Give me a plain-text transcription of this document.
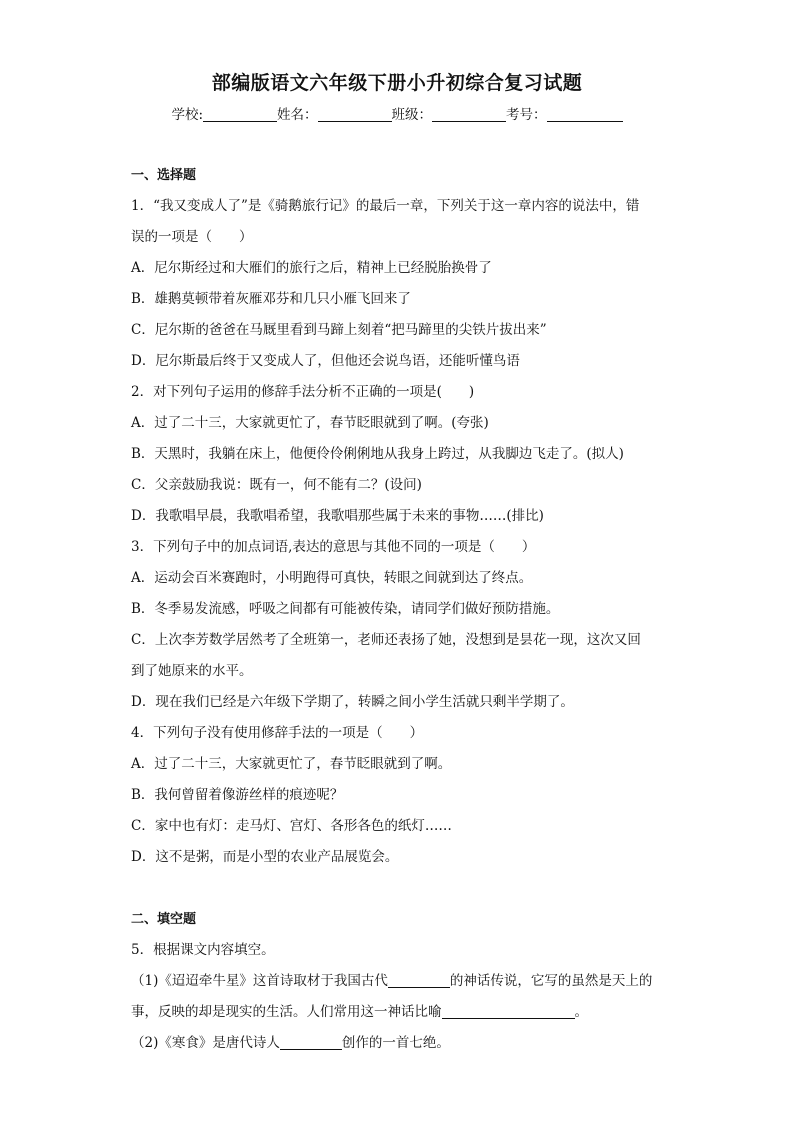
部编版语文六年级下册小升初综合复习试题
学校:	姓名：	班级：	考号：
一、选择题
1．“我又变成人了”是《骑鹅旅行记》的最后一章，下列关于这一章内容的说法中，错
误的一项是（　　）
A．尼尔斯经过和大雁们的旅行之后，精神上已经脱胎换骨了
B．雄鹅莫顿带着灰雁邓芬和几只小雁飞回来了
C．尼尔斯的爸爸在马厩里看到马蹄上刻着“把马蹄里的尖铁片拔出来”
D．尼尔斯最后终于又变成人了，但他还会说鸟语，还能听懂鸟语
2．对下列句子运用的修辞手法分析不正确的一项是(　　)
A．过了二十三，大家就更忙了，春节眨眼就到了啊。(夸张)
B．天黑时，我躺在床上，他便伶伶俐俐地从我身上跨过，从我脚边飞走了。(拟人)
C．父亲鼓励我说：既有一，何不能有二？(设问)
D．我歌唱早晨，我歌唱希望，我歌唱那些属于未来的事物……(排比)
3．下列句子中的加点词语,表达的意思与其他不同的一项是（　　）
A．运动会百米赛跑时，小明跑得可真快，转眼之间就到达了终点。
B．冬季易发流感，呼吸之间都有可能被传染，请同学们做好预防措施。
C．上次李芳数学居然考了全班第一，老师还表扬了她，没想到是昙花一现，这次又回
到了她原来的水平。
D．现在我们已经是六年级下学期了，转瞬之间小学生活就只剩半学期了。
4．下列句子没有使用修辞手法的一项是（　　）
A．过了二十三，大家就更忙了，春节眨眼就到了啊。
B．我何曾留着像游丝样的痕迹呢？
C．家中也有灯：走马灯、宫灯、各形各色的纸灯……
D．这不是粥，而是小型的农业产品展览会。
二、填空题
5．根据课文内容填空。
（1)《迢迢牵牛星》这首诗取材于我国古代	的神话传说，它写的虽然是天上的
事，反映的却是现实的生活。人们常用这一神话比喻	。
（2)《寒食》是唐代诗人	创作的一首七绝。
